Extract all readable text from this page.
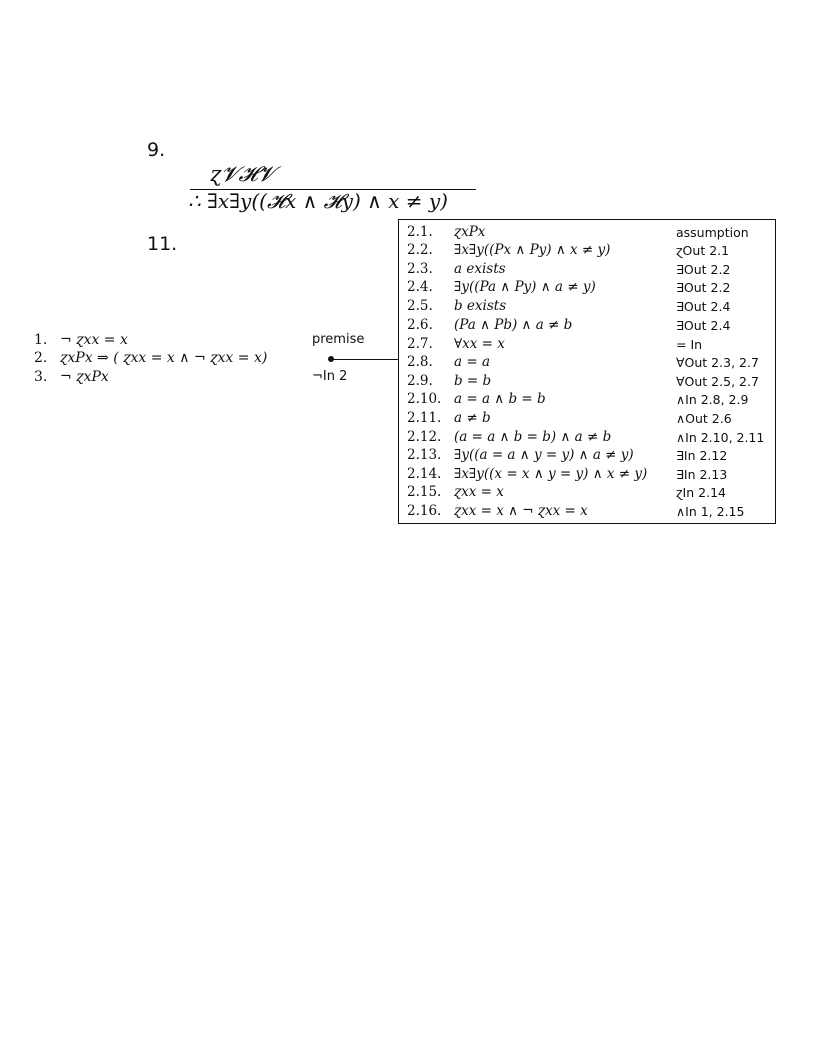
9.
ɀ𝓥𝓗𝓥
∴ ∃x∃y((𝓗x ∧ 𝓗y) ∧ x ≠ y)
11.
1. ¬ ɀxx = x	premise
2. ɀxPx ⇒ ( ɀxx = x ∧ ¬ ɀxx = x)
3. ¬ ɀxPx	¬In 2
2.1. ɀxPx	assumption
2.2. ∃x∃y((Px ∧ Py) ∧ x ≠ y)	ɀOut 2.1
2.3. a exists	∃Out 2.2
2.4. ∃y((Pa ∧ Py) ∧ a ≠ y)	∃Out 2.2
2.5. b exists	∃Out 2.4
2.6. (Pa ∧ Pb) ∧ a ≠ b	∃Out 2.4
2.7. ∀xx = x	= In
2.8. a = a	∀Out 2.3, 2.7
2.9. b = b	∀Out 2.5, 2.7
2.10. a = a ∧ b = b	∧In 2.8, 2.9
2.11. a ≠ b	∧Out 2.6
2.12. (a = a ∧ b = b) ∧ a ≠ b	∧In 2.10, 2.11
2.13. ∃y((a = a ∧ y = y) ∧ a ≠ y)	∃In 2.12
2.14. ∃x∃y((x = x ∧ y = y) ∧ x ≠ y) ∃In 2.13
2.15. ɀxx = x	ɀIn 2.14
2.16. ɀxx = x ∧ ¬ ɀxx = x	∧In 1, 2.15
